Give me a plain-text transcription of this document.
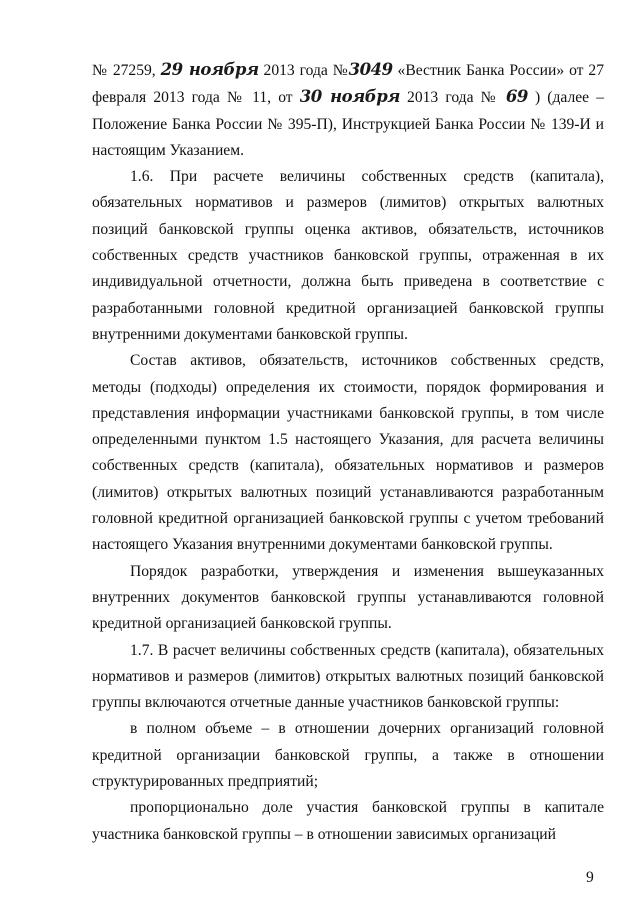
№ 27259, 29 ноября 2013 года №3049 «Вестник Банка России» от 27 февраля 2013 года № 11, от 30 ноября 2013 года № 69 ) (далее – Положение Банка России № 395-П), Инструкцией Банка России № 139-И и настоящим Указанием.

1.6. При расчете величины собственных средств (капитала), обязательных нормативов и размеров (лимитов) открытых валютных позиций банковской группы оценка активов, обязательств, источников собственных средств участников банковской группы, отраженная в их индивидуальной отчетности, должна быть приведена в соответствие с разработанными головной кредитной организацией банковской группы внутренними документами банковской группы.

Состав активов, обязательств, источников собственных средств, методы (подходы) определения их стоимости, порядок формирования и представления информации участниками банковской группы, в том числе определенными пунктом 1.5 настоящего Указания, для расчета величины собственных средств (капитала), обязательных нормативов и размеров (лимитов) открытых валютных позиций устанавливаются разработанным головной кредитной организацией банковской группы с учетом требований настоящего Указания внутренними документами банковской группы.

Порядок разработки, утверждения и изменения вышеуказанных внутренних документов банковской группы устанавливаются головной кредитной организацией банковской группы.

1.7. В расчет величины собственных средств (капитала), обязательных нормативов и размеров (лимитов) открытых валютных позиций банковской группы включаются отчетные данные участников банковской группы:

в полном объеме – в отношении дочерних организаций головной кредитной организации банковской группы, а также в отношении структурированных предприятий;

пропорционально доле участия банковской группы в капитале участника банковской группы – в отношении зависимых организаций

9
